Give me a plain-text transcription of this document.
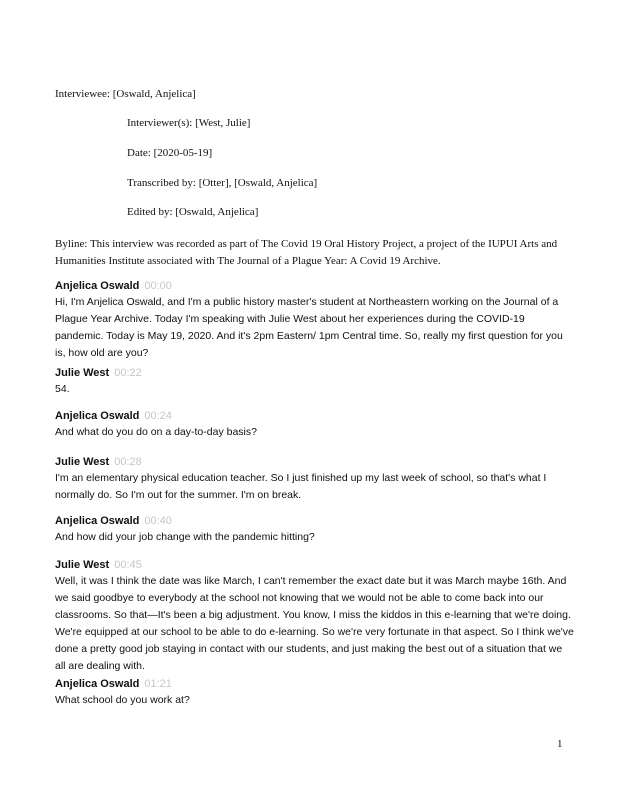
Interviewee: [Oswald, Anjelica]
Interviewer(s): [West, Julie]
Date: [2020-05-19]
Transcribed by: [Otter], [Oswald, Anjelica]
Edited by: [Oswald, Anjelica]
Byline: This interview was recorded as part of The Covid 19 Oral History Project, a project of the IUPUI Arts and Humanities Institute associated with The Journal of a Plague Year: A Covid 19 Archive.
Anjelica Oswald 00:00
Hi, I'm Anjelica Oswald, and I'm a public history master's student at Northeastern working on the Journal of a Plague Year Archive. Today I'm speaking with Julie West about her experiences during the COVID-19 pandemic. Today is May 19, 2020. And it's 2pm Eastern/ 1pm Central time. So, really my first question for you is, how old are you?
Julie West 00:22
54.
Anjelica Oswald 00:24
And what do you do on a day-to-day basis?
Julie West 00:28
I'm an elementary physical education teacher. So I just finished up my last week of school, so that's what I normally do. So I'm out for the summer. I'm on break.
Anjelica Oswald 00:40
And how did your job change with the pandemic hitting?
Julie West 00:45
Well, it was I think the date was like March, I can't remember the exact date but it was March maybe 16th. And we said goodbye to everybody at the school not knowing that we would not be able to come back into our classrooms. So that—It's been a big adjustment. You know, I miss the kiddos in this e-learning that we're doing. We're equipped at our school to be able to do e-learning. So we're very fortunate in that aspect. So I think we've done a pretty good job staying in contact with our students, and just making the best out of a situation that we all are dealing with.
Anjelica Oswald 01:21
What school do you work at?
1
